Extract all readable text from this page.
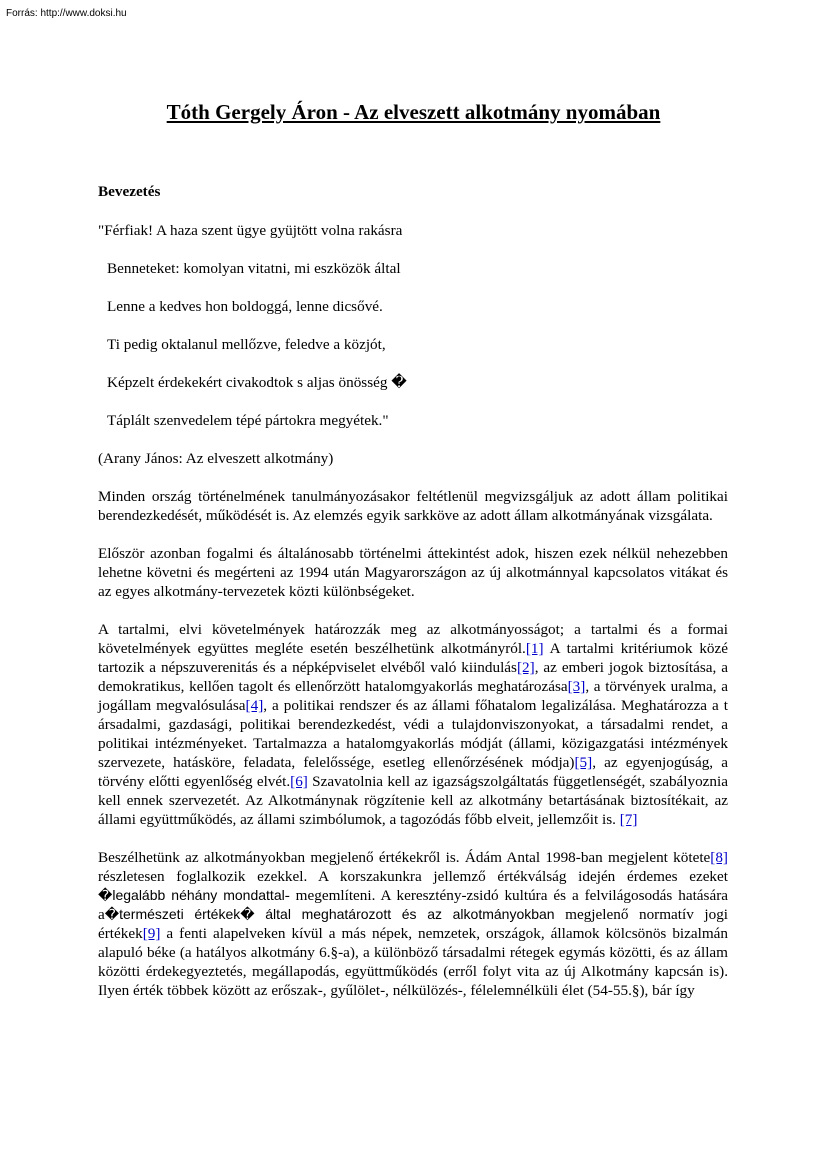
Forrás: http://www.doksi.hu
Tóth Gergely Áron - Az elveszett alkotmány nyomában
Bevezetés
"Férfiak! A haza szent ügye gyüjtött volna rakásra
Benneteket: komolyan vitatni, mi eszközök által
Lenne a kedves hon boldoggá, lenne dicsővé.
Ti pedig oktalanul mellőzve, feledve a közjót,
Képzelt érdekekért civakodtok s aljas önösség �
Táplált szenvedelem tépé pártokra megyétek."
(Arany János: Az elveszett alkotmány)

Minden ország történelmének tanulmányozásakor feltétlenül megvizsgáljuk az adott állam politikai berendezkedését, működését is. Az elemzés egyik sarkköve az adott állam alkotmányának vizsgálata.

Először azonban fogalmi és általánosabb történelmi áttekintést adok, hiszen ezek nélkül nehezebben lehetne követni és megérteni az 1994 után Magyarországon az új alkotmánnyal kapcsolatos vitákat és az egyes alkotmány-tervezetek közti különbségeket.

A tartalmi, elvi követelmények határozzák meg az alkotmányosságot; a tartalmi és a formai követelmények együttes megléte esetén beszélhetünk alkotmányról.[1] A tartalmi kritériumok közé tartozik a népszuverenitás és a népképviselet elvéből való kiindulás[2], az emberi jogok biztosítása, a demokratikus, kellően tagolt és ellenőrzött hatalomgyakorlás meghatározása[3], a törvények uralma, a jogállam megvalósulása[4], a politikai rendszer és az állami főhatalom legalizálása. Meghatározza a t ársadalmi, gazdasági, politikai berendezkedést, védi a tulajdonviszonyokat, a társadalmi rendet, a politikai intézményeket. Tartalmazza a hatalomgyakorlás módját (állami, közigazgatási intézmények szervezete, hatásköre, feladata, felelőssége, esetleg ellenőrzésének módja)[5], az egyenjogúság, a törvény előtti egyenlőség elvét.[6] Szavatolnia kell az igazságszolgáltatás függetlenségét, szabályoznia kell ennek szervezetét. Az Alkotmánynak rögzítenie kell az alkotmány betartásának biztosítékait, az állami együttműködés, az állami szimbólumok, a tagozódás főbb elveit, jellemzőit is. [7]

Beszélhetünk az alkotmányokban megjelenő értékekről is. Ádám Antal 1998-ban megjelent kötete[8] részletesen foglalkozik ezekkel. A korszakunkra jellemző értékválság idején érdemes ezeket �legalább néhány mondattal- megemlíteni. A keresztény-zsidó kultúra és a felvilágosodás hatására a�természeti értékek� által meghatározott és az alkotmányokban megjelenő normatív jogi értékek[9] a fenti alapelveken kívül a más népek, nemzetek, országok, államok kölcsönös bizalmán alapuló béke (a hatályos alkotmány 6.§-a), a különböző társadalmi rétegek egymás közötti, és az állam közötti érdekegyeztetés, megállapodás, együttműködés (erről folyt vita az új Alkotmány kapcsán is). Ilyen érték többek között az erőszak-, gyűlölet-, nélkülözés-, félelemnélküli élet (54-55.§), bár így
